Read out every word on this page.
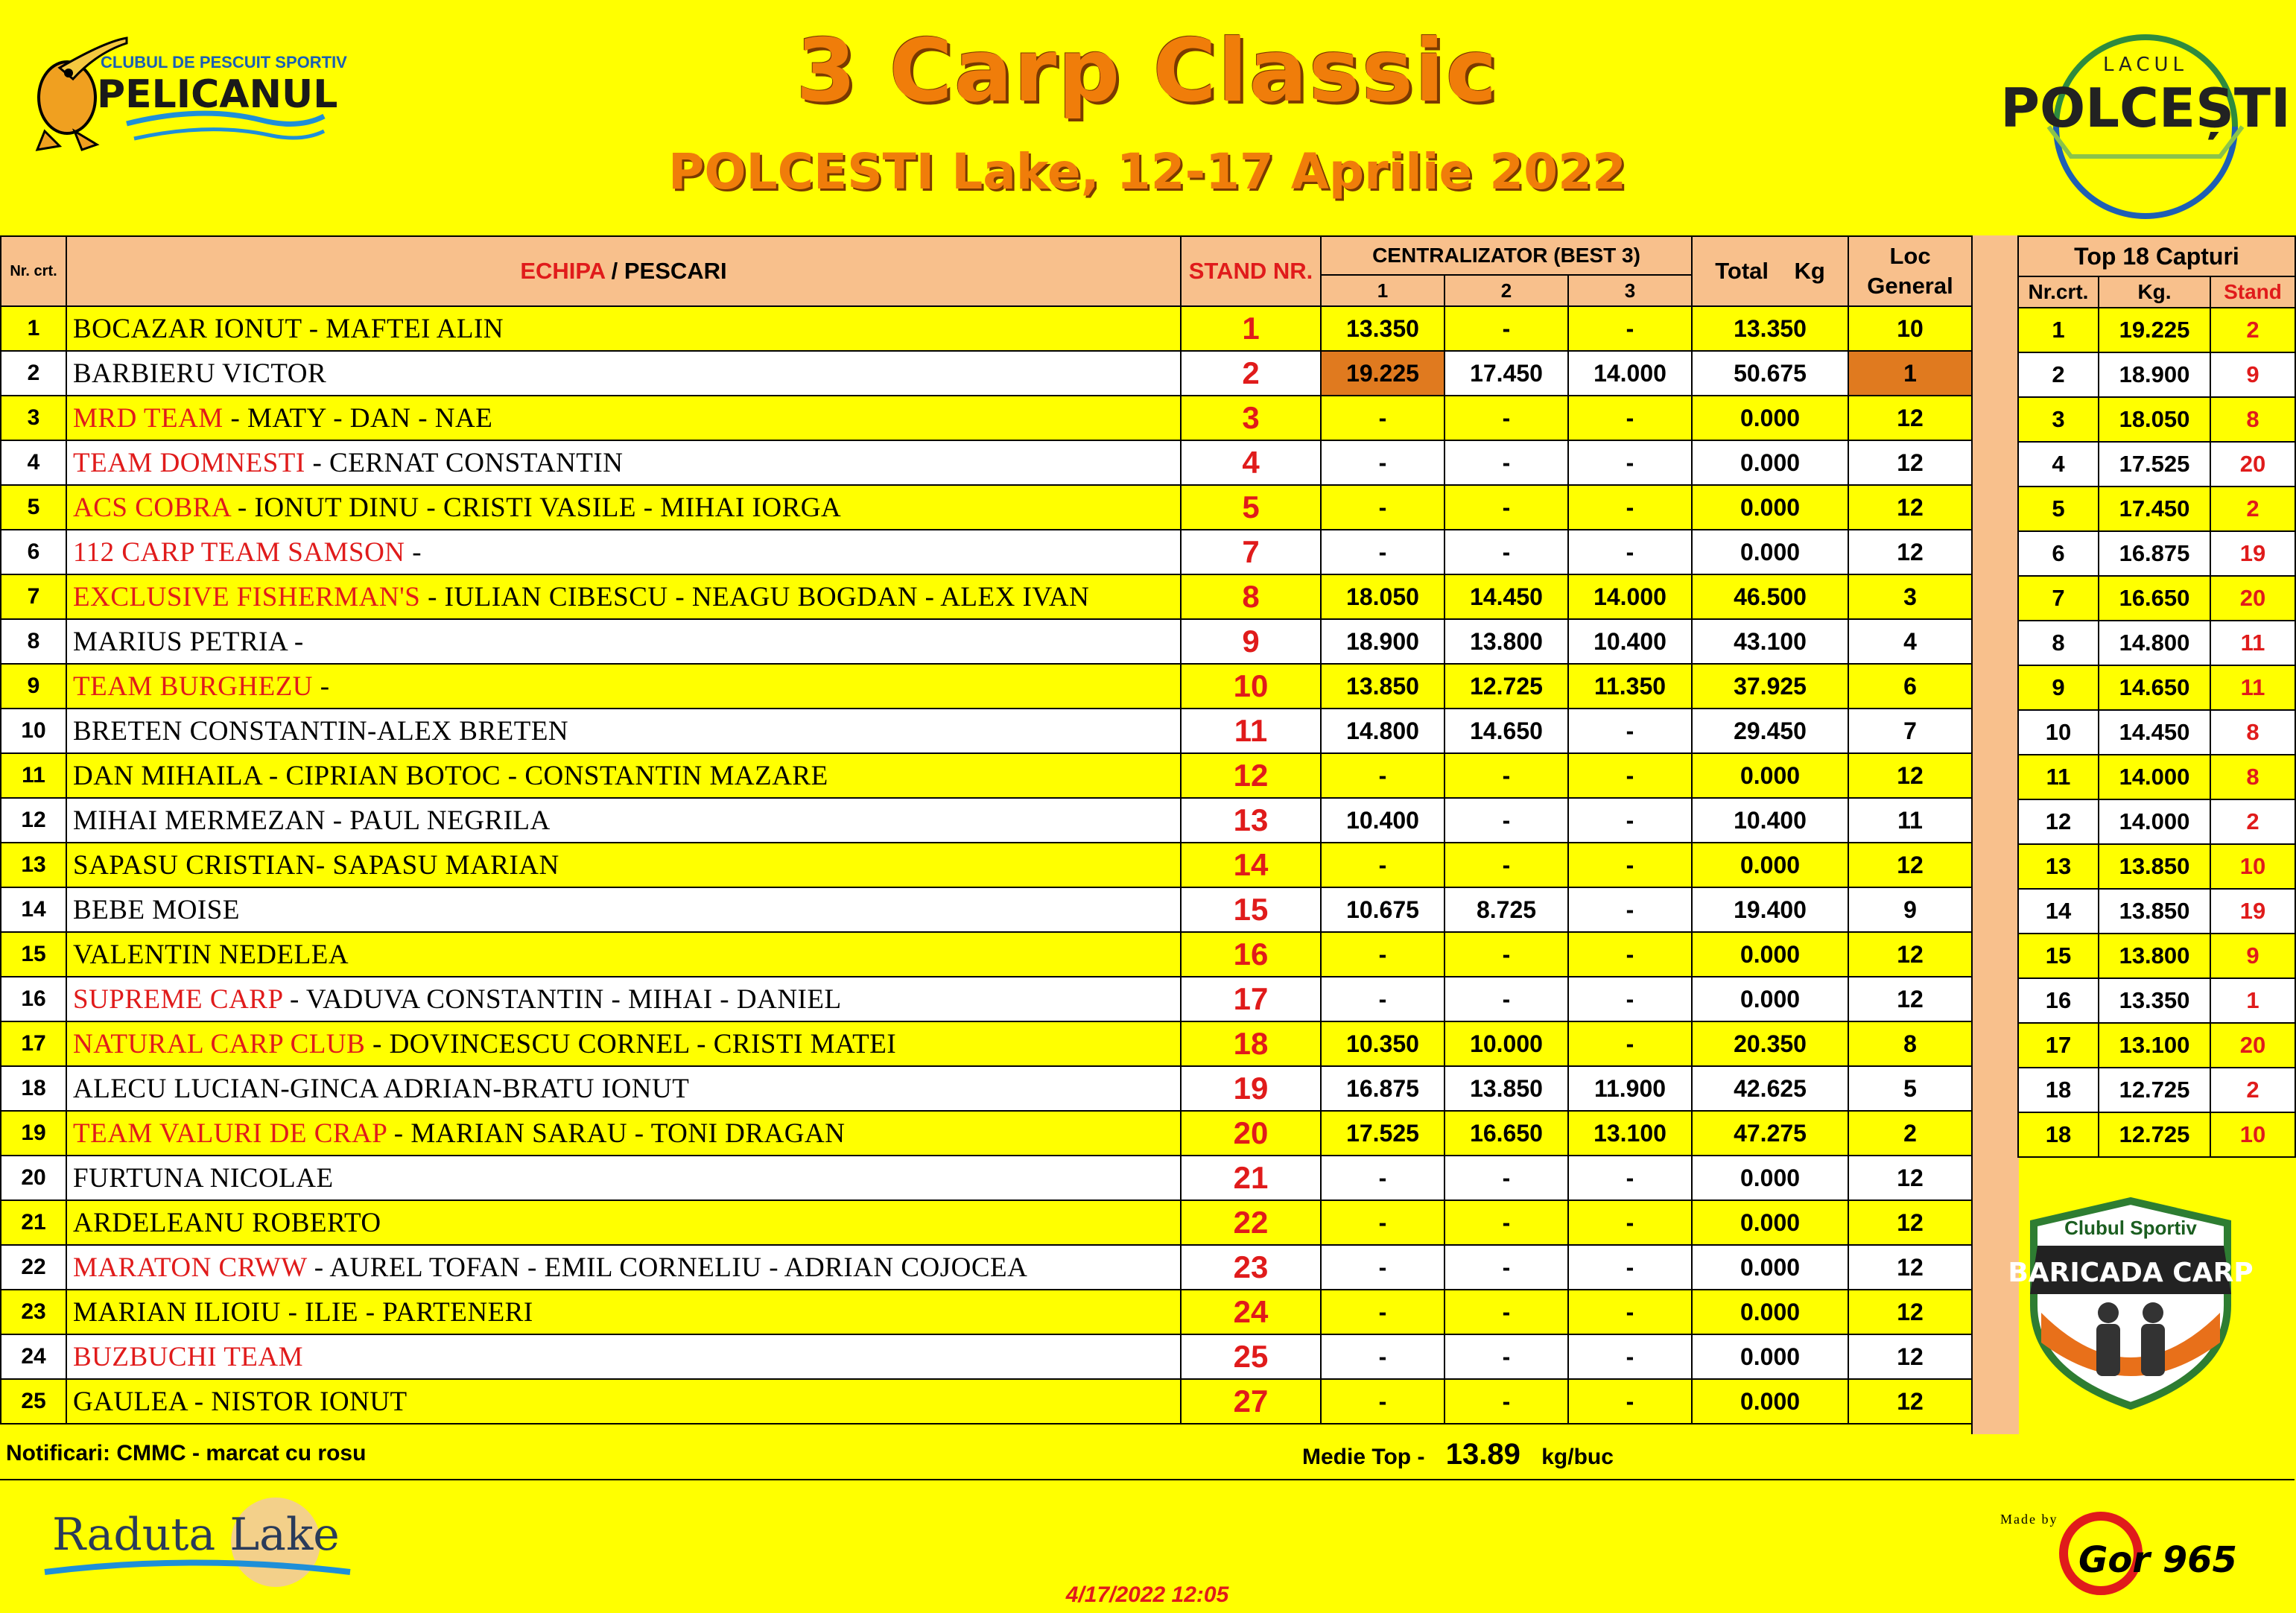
3 Carp Classic
POLCESTI Lake, 12-17 Aprilie 2022
CLUBUL DE PESCUIT SPORTIV
PELICANUL
LACUL
POLCEȘTI
Nr. crt.	ECHIPA / PESCARI	STAND NR.	CENTRALIZATOR (BEST 3)			Total    Kg	Loc General	
			1	2	3			
1	BOCAZAR IONUT - MAFTEI ALIN	1	13.350	-	-	13.350	10	
2	BARBIERU VICTOR	2	19.225	17.450	14.000	50.675	1	
3	MRD TEAM - MATY - DAN - NAE	3	-	-	-	0.000	12	
4	TEAM DOMNESTI - CERNAT CONSTANTIN	4	-	-	-	0.000	12	
5	ACS COBRA - IONUT DINU - CRISTI VASILE - MIHAI IORGA	5	-	-	-	0.000	12	
6	112 CARP TEAM SAMSON -	7	-	-	-	0.000	12	
7	EXCLUSIVE FISHERMAN'S - IULIAN CIBESCU - NEAGU BOGDAN - ALEX IVAN	8	18.050	14.450	14.000	46.500	3	
8	MARIUS PETRIA -	9	18.900	13.800	10.400	43.100	4	
9	TEAM BURGHEZU -	10	13.850	12.725	11.350	37.925	6	
10	BRETEN CONSTANTIN-ALEX BRETEN	11	14.800	14.650	-	29.450	7	
11	DAN MIHAILA - CIPRIAN BOTOC - CONSTANTIN MAZARE	12	-	-	-	0.000	12	
12	MIHAI MERMEZAN - PAUL NEGRILA	13	10.400	-	-	10.400	11	
13	SAPASU CRISTIAN- SAPASU MARIAN	14	-	-	-	0.000	12	
14	BEBE MOISE	15	10.675	8.725	-	19.400	9	
15	VALENTIN NEDELEA	16	-	-	-	0.000	12	
16	SUPREME CARP - VADUVA CONSTANTIN - MIHAI - DANIEL	17	-	-	-	0.000	12	
17	NATURAL CARP CLUB - DOVINCESCU CORNEL - CRISTI MATEI	18	10.350	10.000	-	20.350	8	
18	ALECU LUCIAN-GINCA ADRIAN-BRATU IONUT	19	16.875	13.850	11.900	42.625	5	
19	TEAM VALURI DE CRAP - MARIAN SARAU - TONI DRAGAN	20	17.525	16.650	13.100	47.275	2	
20	FURTUNA NICOLAE	21	-	-	-	0.000	12	
21	ARDELEANU ROBERTO	22	-	-	-	0.000	12	
22	MARATON CRWW - AUREL TOFAN - EMIL CORNELIU - ADRIAN COJOCEA	23	-	-	-	0.000	12	
23	MARIAN ILIOIU - ILIE - PARTENERI	24	-	-	-	0.000	12	
24	BUZBUCHI TEAM	25	-	-	-	0.000	12	
25	GAULEA - NISTOR IONUT	27	-	-	-	0.000	12	
Top 18 Capturi		
Nr.crt.	Kg.	Stand
1	19.225	2
2	18.900	9
3	18.050	8
4	17.525	20
5	17.450	2
6	16.875	19
7	16.650	20
8	14.800	11
9	14.650	11
10	14.450	8
11	14.000	8
12	14.000	2
13	13.850	10
14	13.850	19
15	13.800	9
16	13.350	1
17	13.100	20
18	12.725	2
18	12.725	10
Clubul Sportiv
BARICADA CARP
Notificari: CMMC - marcat cu rosu	Medie Top - 13.89 kg/buc
Raduta Lake	Made by
Gor 965
4/17/2022 12:05
